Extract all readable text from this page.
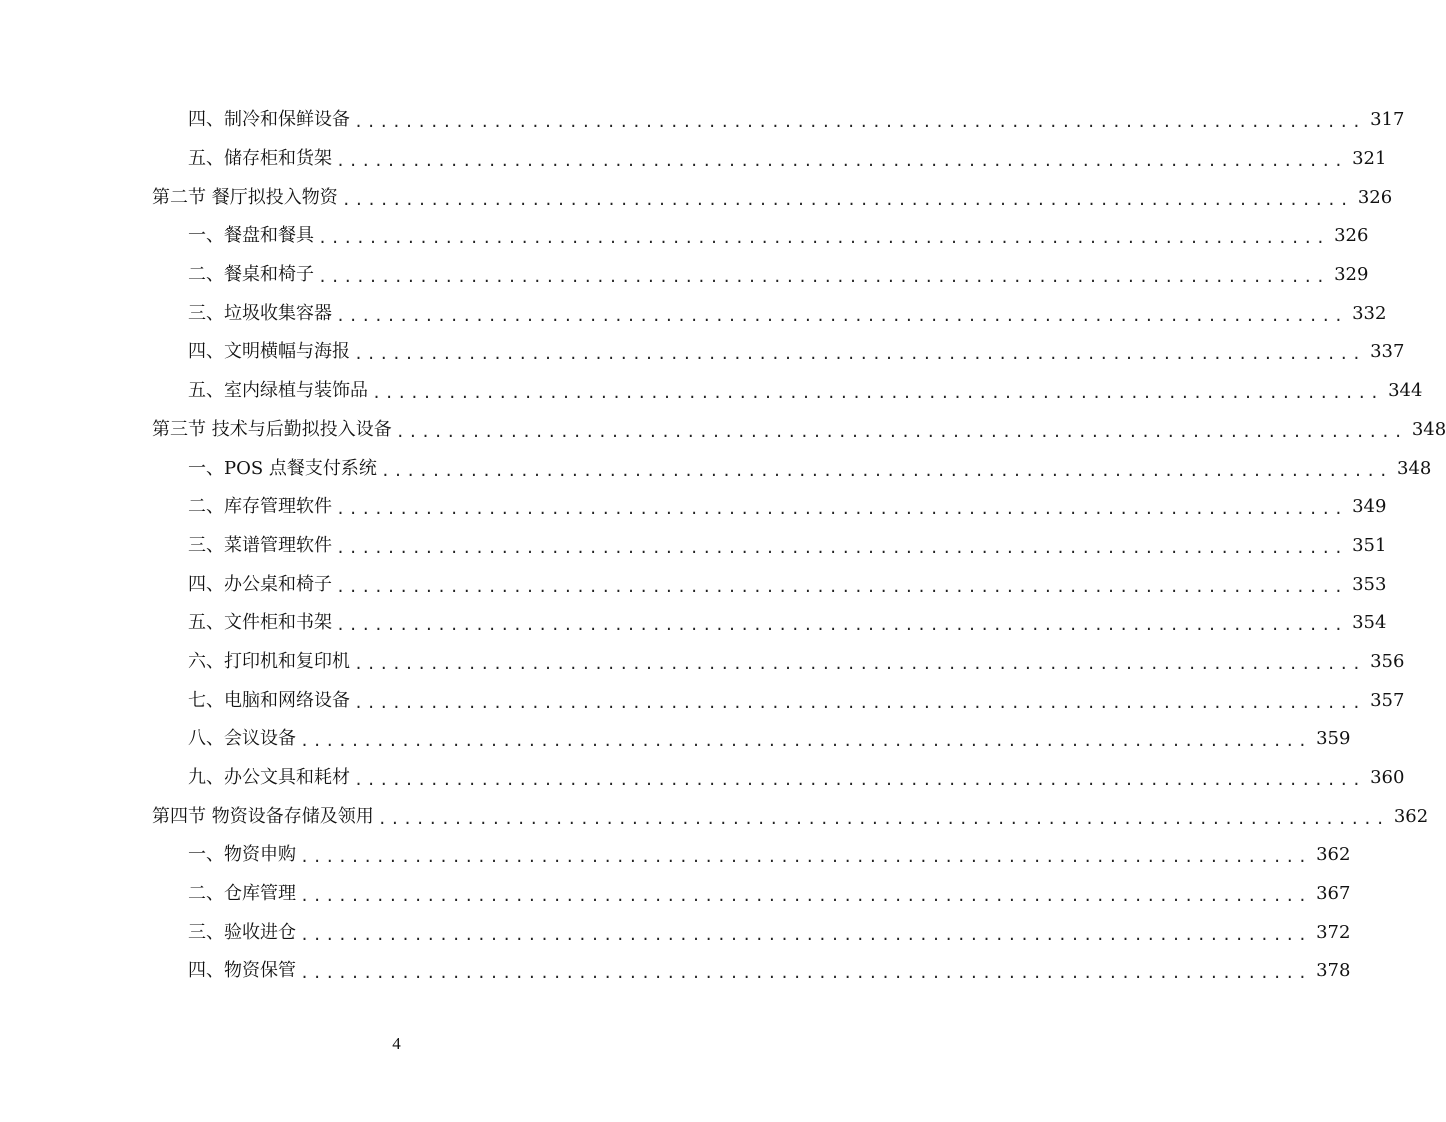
四、制冷和保鲜设备 ................................................................................ 317
五、储存柜和货架 ................................................................................ 321
第二节 餐厅拟投入物资 ................................................................................ 326
一、餐盘和餐具 ................................................................................ 326
二、餐桌和椅子 ................................................................................ 329
三、垃圾收集容器 ................................................................................ 332
四、文明横幅与海报 ................................................................................ 337
五、室内绿植与装饰品 ................................................................................ 344
第三节 技术与后勤拟投入设备 ................................................................................ 348
一、POS 点餐支付系统 ................................................................................ 348
二、库存管理软件 ................................................................................ 349
三、菜谱管理软件 ................................................................................ 351
四、办公桌和椅子 ................................................................................ 353
五、文件柜和书架 ................................................................................ 354
六、打印机和复印机 ................................................................................ 356
七、电脑和网络设备 ................................................................................ 357
八、会议设备 ................................................................................ 359
九、办公文具和耗材 ................................................................................ 360
第四节 物资设备存储及领用 ................................................................................ 362
一、物资申购 ................................................................................ 362
二、仓库管理 ................................................................................ 367
三、验收进仓 ................................................................................ 372
四、物资保管 ................................................................................ 378
4
